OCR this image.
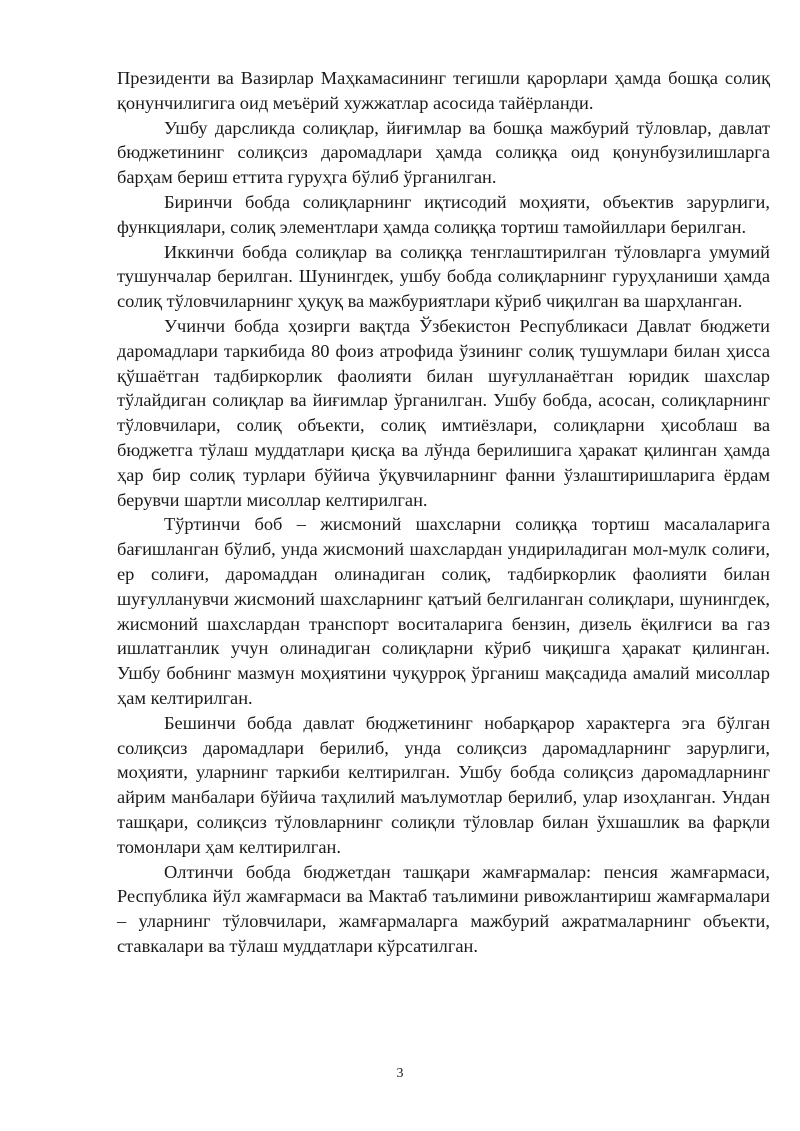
Президенти ва Вазирлар Маҳкамасининг тегишли қарорлари ҳамда бошқа солиқ қонунчилигига оид меъёрий хужжатлар асосида тайёрланди.

Ушбу дарсликда солиқлар, йиғимлар ва бошқа мажбурий тўловлар, давлат бюджетининг солиқсиз даромадлари ҳамда солиққа оид қонунбузилишларга барҳам бериш еттита гуруҳга бўлиб ўрганилган.

Биринчи бобда солиқларнинг иқтисодий моҳияти, объектив зарурлиги, функциялари, солиқ элементлари ҳамда солиққа тортиш тамойиллари берилган.

Иккинчи бобда солиқлар ва солиққа тенглаштирилган тўловларга умумий тушунчалар берилган. Шунингдек, ушбу бобда солиқларнинг гуруҳланиши ҳамда солиқ тўловчиларнинг ҳуқуқ ва мажбуриятлари кўриб чиқилган ва шарҳланган.

Учинчи бобда ҳозирги вақтда Ўзбекистон Республикаси Давлат бюджети даромадлари таркибида 80 фоиз атрофида ўзининг солиқ тушумлари билан ҳисса қўшаётган тадбиркорлик фаолияти билан шуғулланаётган юридик шахслар тўлайдиган солиқлар ва йиғимлар ўрганилган. Ушбу бобда, асосан, солиқларнинг тўловчилари, солиқ объекти, солиқ имтиёзлари, солиқларни ҳисоблаш ва бюджетга тўлаш муддатлари қисқа ва лўнда берилишига ҳаракат қилинган ҳамда ҳар бир солиқ турлари бўйича ўқувчиларнинг фанни ўзлаштиришларига ёрдам берувчи шартли мисоллар келтирилган.

Тўртинчи боб – жисмоний шахсларни солиққа тортиш масалаларига бағишланган бўлиб, унда жисмоний шахслардан ундириладиган мол-мулк солиғи, ер солиғи, даромаддан олинадиган солиқ, тадбиркорлик фаолияти билан шуғулланувчи жисмоний шахсларнинг қатъий белгиланган солиқлари, шунингдек, жисмоний шахслардан транспорт воситаларига бензин, дизель ёқилғиси ва газ ишлатганлик учун олинадиган солиқларни кўриб чиқишга ҳаракат қилинган. Ушбу бобнинг мазмун моҳиятини чуқурроқ ўрганиш мақсадида амалий мисоллар ҳам келтирилган.

Бешинчи бобда давлат бюджетининг нобарқарор характерга эга бўлган солиқсиз даромадлари берилиб, унда солиқсиз даромадларнинг зарурлиги, моҳияти, уларнинг таркиби келтирилган. Ушбу бобда солиқсиз даромадларнинг айрим манбалари бўйича таҳлилий маълумотлар берилиб, улар изоҳланган. Ундан ташқари, солиқсиз тўловларнинг солиқли тўловлар билан ўхшашлик ва фарқли томонлари ҳам келтирилган.

Олтинчи бобда бюджетдан ташқари жамғармалар: пенсия жамғармаси, Республика йўл жамғармаси ва Мактаб таълимини ривожлантириш жамғармалари – уларнинг тўловчилари, жамғармаларга мажбурий ажратмаларнинг объекти, ставкалари ва тўлаш муддатлари кўрсатилган.

3
